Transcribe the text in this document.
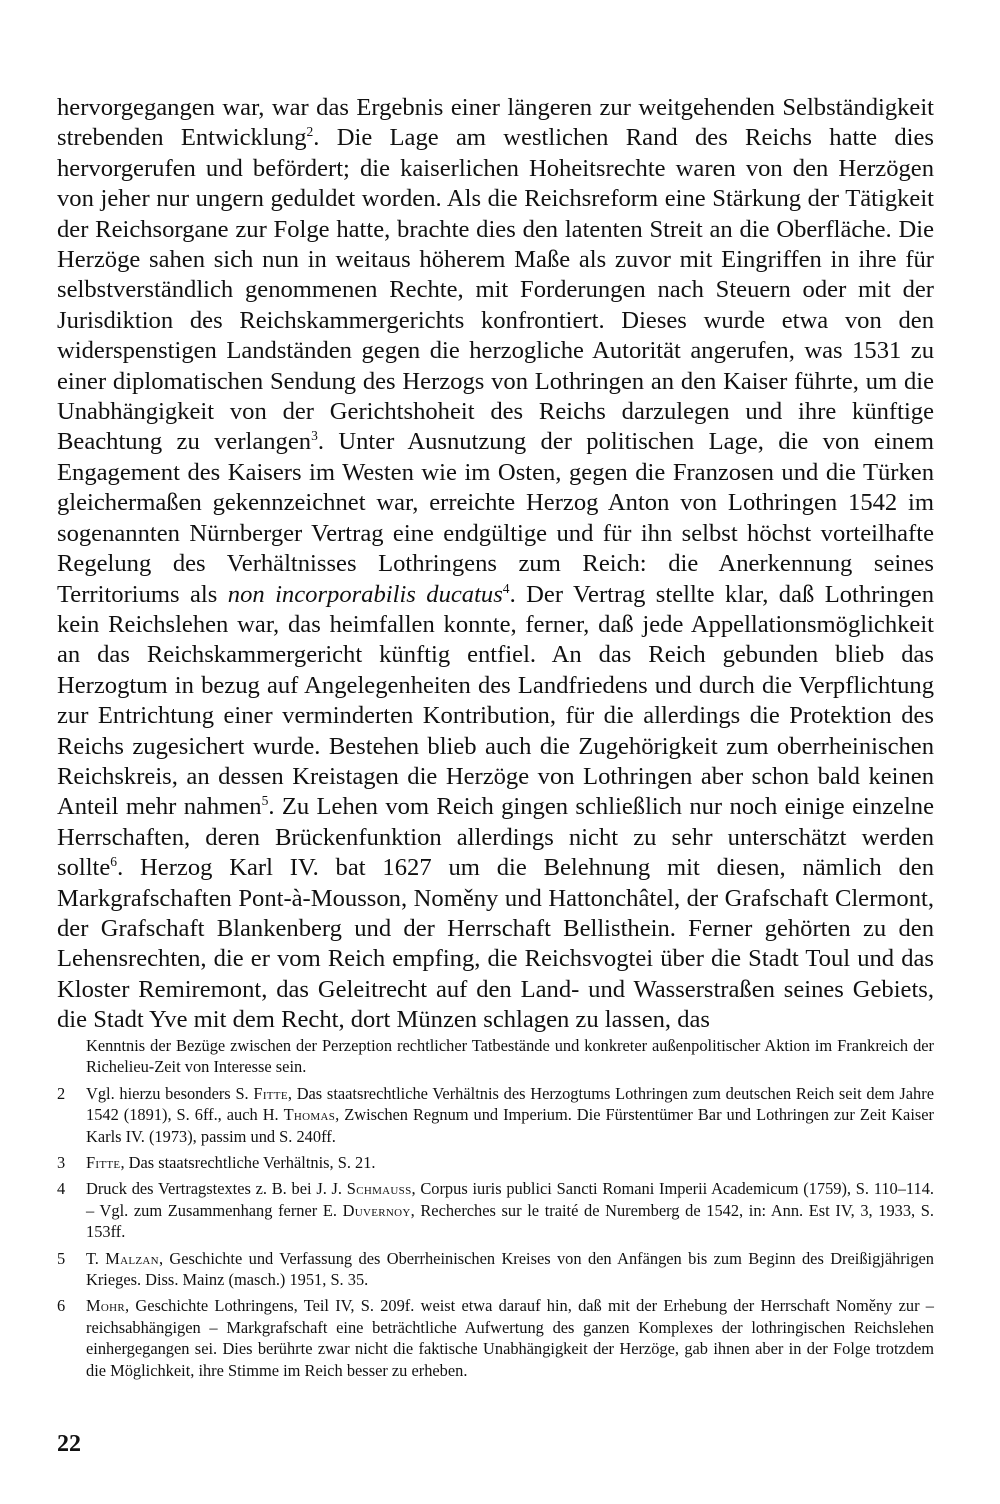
hervorgegangen war, war das Ergebnis einer längeren zur weitgehenden Selbständigkeit strebenden Entwicklung$^2$. Die Lage am westlichen Rand des Reichs hatte dies hervorgerufen und befördert; die kaiserlichen Hoheitsrechte waren von den Herzögen von jeher nur ungern geduldet worden. Als die Reichsreform eine Stärkung der Tätigkeit der Reichsorgane zur Folge hatte, brachte dies den latenten Streit an die Oberfläche. Die Herzöge sahen sich nun in weitaus höherem Maße als zuvor mit Eingriffen in ihre für selbstverständlich genommenen Rechte, mit Forderungen nach Steuern oder mit der Jurisdiktion des Reichskammergerichts konfrontiert. Dieses wurde etwa von den widerspenstigen Landständen gegen die herzogliche Autorität angerufen, was 1531 zu einer diplomatischen Sendung des Herzogs von Lothringen an den Kaiser führte, um die Unabhängigkeit von der Gerichtshoheit des Reichs darzulegen und ihre künftige Beachtung zu verlangen$^3$. Unter Ausnutzung der politischen Lage, die von einem Engagement des Kaisers im Westen wie im Osten, gegen die Franzosen und die Türken gleichermaßen gekennzeichnet war, erreichte Herzog Anton von Lothringen 1542 im sogenannten Nürnberger Vertrag eine endgültige und für ihn selbst höchst vorteilhafte Regelung des Verhältnisses Lothringens zum Reich: die Anerkennung seines Territoriums als non incorporabilis ducatus$^4$. Der Vertrag stellte klar, daß Lothringen kein Reichslehen war, das heimfallen konnte, ferner, daß jede Appellationsmöglichkeit an das Reichskammergericht künftig entfiel. An das Reich gebunden blieb das Herzogtum in bezug auf Angelegenheiten des Landfriedens und durch die Verpflichtung zur Entrichtung einer verminderten Kontribution, für die allerdings die Protektion des Reichs zugesichert wurde. Bestehen blieb auch die Zugehörigkeit zum oberrheinischen Reichskreis, an dessen Kreistagen die Herzöge von Lothringen aber schon bald keinen Anteil mehr nahmen$^5$. Zu Lehen vom Reich gingen schließlich nur noch einige einzelne Herrschaften, deren Brückenfunktion allerdings nicht zu sehr unterschätzt werden sollte$^6$. Herzog Karl IV. bat 1627 um die Belehnung mit diesen, nämlich den Markgrafschaften Pont-à-Mousson, Noměny und Hattonchâtel, der Grafschaft Clermont, der Grafschaft Blankenberg und der Herrschaft Bellisthein. Ferner gehörten zu den Lehensrechten, die er vom Reich empfing, die Reichsvogtei über die Stadt Toul und das Kloster Remiremont, das Geleitrecht auf den Land- und Wasserstraßen seines Gebiets, die Stadt Yve mit dem Recht, dort Münzen schlagen zu lassen, das

Kenntnis der Bezüge zwischen der Perzeption rechtlicher Tatbestände und konkreter außenpolitischer Aktion im Frankreich der Richelieu-Zeit von Interesse sein.

2 Vgl. hierzu besonders S. Fitte, Das staatsrechtliche Verhältnis des Herzogtums Lothringen zum deutschen Reich seit dem Jahre 1542 (1891), S. 6ff., auch H. Thomas, Zwischen Regnum und Imperium. Die Fürstentümer Bar und Lothringen zur Zeit Kaiser Karls IV. (1973), passim und S. 240ff.

3 Fitte, Das staatsrechtliche Verhältnis, S. 21.

4 Druck des Vertragstextes z. B. bei J. J. Schmauss, Corpus iuris publici Sancti Romani Imperii Academicum (1759), S. 110–114. – Vgl. zum Zusammenhang ferner E. Duvernoy, Recherches sur le traité de Nuremberg de 1542, in: Ann. Est IV, 3, 1933, S. 153ff.

5 T. Malzan, Geschichte und Verfassung des Oberrheinischen Kreises von den Anfängen bis zum Beginn des Dreißigjährigen Krieges. Diss. Mainz (masch.) 1951, S. 35.

6 Mohr, Geschichte Lothringens, Teil IV, S. 209f. weist etwa darauf hin, daß mit der Erhebung der Herrschaft Noměny zur – reichsabhängigen – Markgrafschaft eine beträchtliche Aufwertung des ganzen Komplexes der lothringischen Reichslehen einhergegangen sei. Dies berührte zwar nicht die faktische Unabhängigkeit der Herzöge, gab ihnen aber in der Folge trotzdem die Möglichkeit, ihre Stimme im Reich besser zu erheben.

22
